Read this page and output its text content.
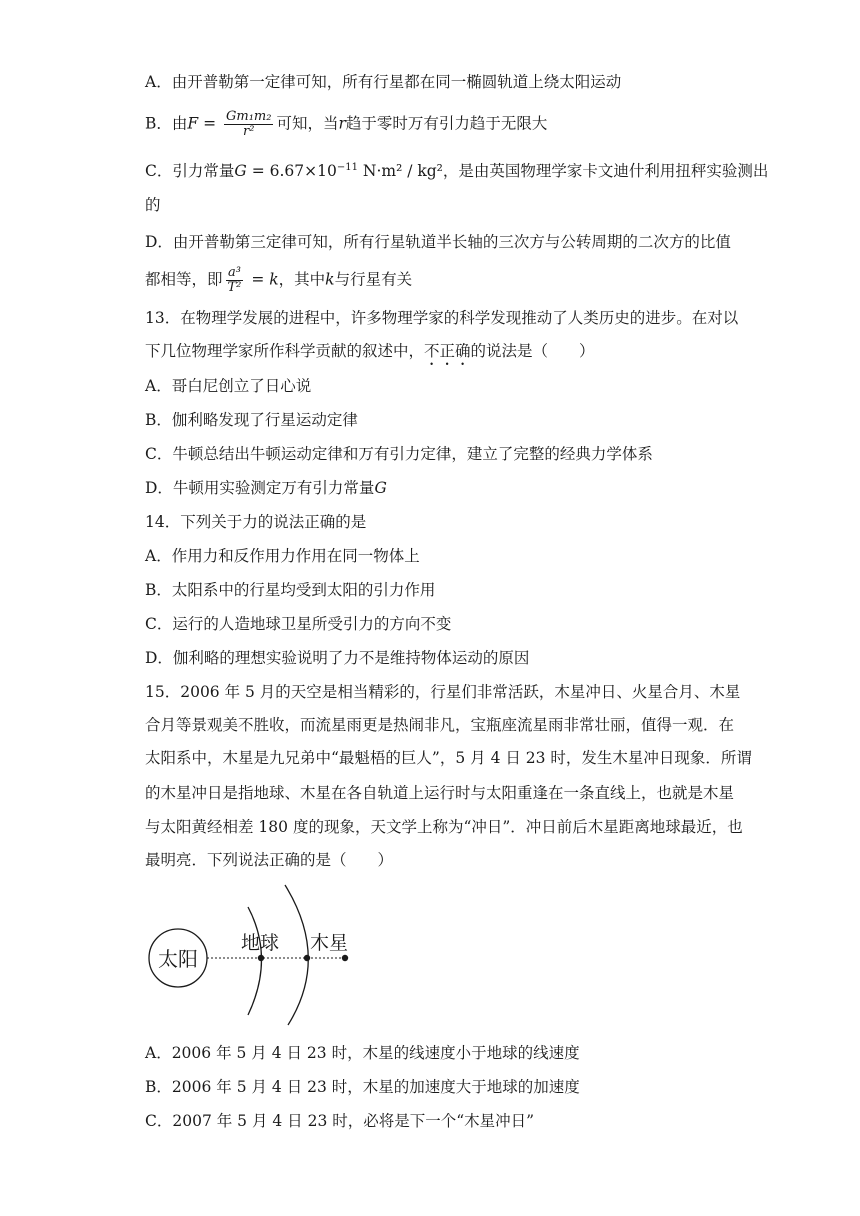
A．由开普勒第一定律可知，所有行星都在同一椭圆轨道上绕太阳运动
B．由$F = \frac{\text{Gm₁m₂}}{\text{r²}}$ 可知，当r趋于零时万有引力趋于无限大
C．引力常量$G = 6.67\times 10^{-11}$ N·m² / kg²，是由英国物理学家卡文迪什利用扭秤实验测出
的
D．由开普勒第三定律可知，所有行星轨道半长轴的三次方与公转周期的二次方的比值
都相等，即 $\frac{\text{a³}}{\text{T²}} = k$，其中k与行星有关
13．在物理学发展的进程中，许多物理学家的科学发现推动了人类历史的进步。在对以
下几位物理学家所作科学贡献的叙述中，不正确的说法是（　　）
A．哥白尼创立了日心说
B．伽利略发现了行星运动定律
C．牛顿总结出牛顿运动定律和万有引力定律，建立了完整的经典力学体系
D．牛顿用实验测定万有引力常量G
14．下列关于力的说法正确的是
A．作用力和反作用力作用在同一物体上
B．太阳系中的行星均受到太阳的引力作用
C．运行的人造地球卫星所受引力的方向不变
D．伽利略的理想实验说明了力不是维持物体运动的原因
15．2006 年 5 月的天空是相当精彩的，行星们非常活跃，木星冲日、火星合月、木星
合月等景观美不胜收，而流星雨更是热闹非凡，宝瓶座流星雨非常壮丽，值得一观．在
太阳系中，木星是九兄弟中“最魁梧的巨人”，5 月 4 日 23 时，发生木星冲日现象．所谓
的木星冲日是指地球、木星在各自轨道上运行时与太阳重逢在一条直线上，也就是木星
与太阳黄经相差 180 度的现象，天文学上称为“冲日”．冲日前后木星距离地球最近，也
最明亮．下列说法正确的是（　　）
太阳
地球 木星
A．2006 年 5 月 4 日 23 时，木星的线速度小于地球的线速度
B．2006 年 5 月 4 日 23 时，木星的加速度大于地球的加速度
C．2007 年 5 月 4 日 23 时，必将是下一个“木星冲日”
